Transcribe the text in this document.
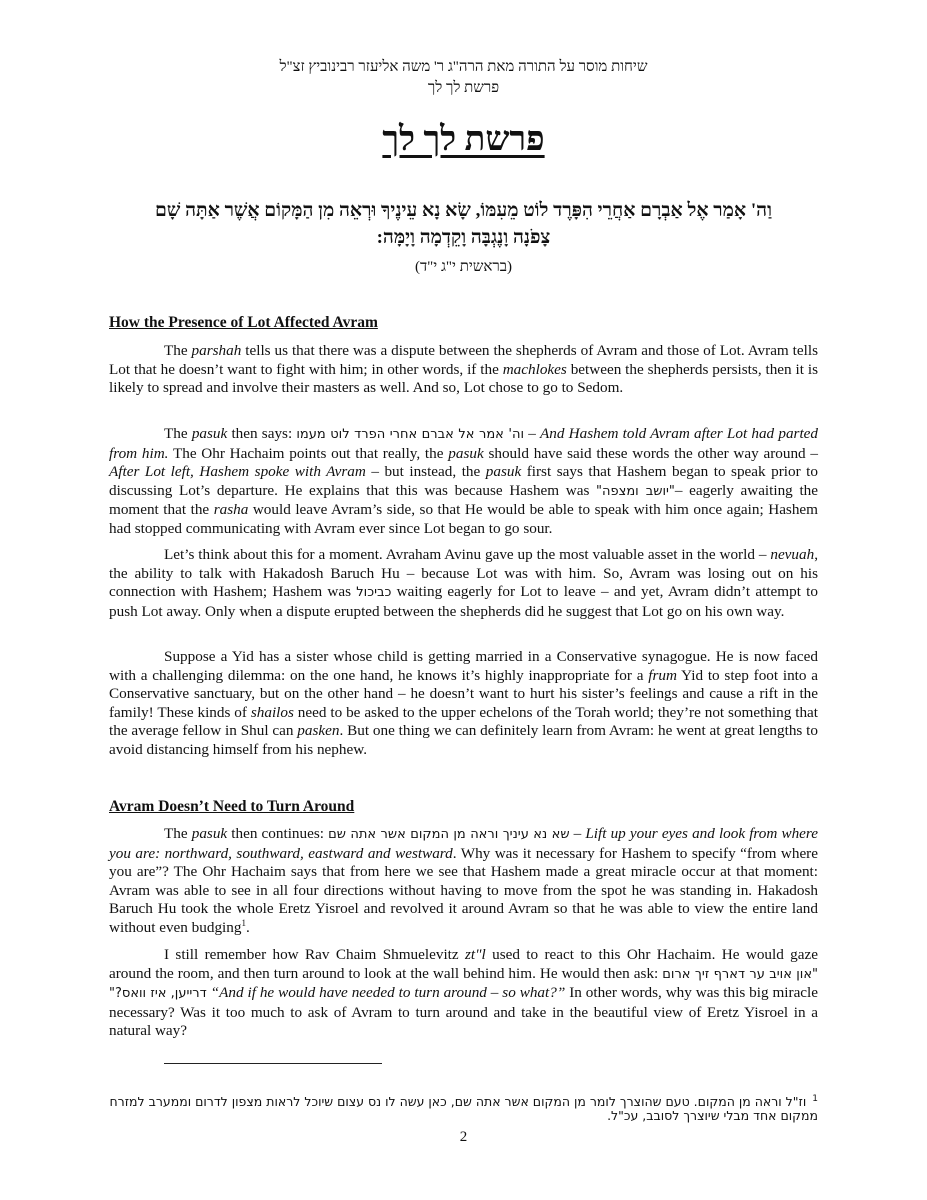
שיחות מוסר על התורה מאת הרה"ג ר' משה אליעזר רבינוביץ זצ"ל
פרשת לך לך
פרשת לך לך
וַה' אָמַר אֶל אַבְרָם אַחֲרֵי הִפָּרֶד לוֹט מֵעִמּוֹ, שָׂא נָא עֵינֶיךָ וּרְאֵה מִן הַמָּקוֹם אֲשֶׁר אַתָּה שָׁם
צָפֹנָה וָנֶגְבָּה וָקֵדְמָה וָיָמָּה:
(בראשית י"ג י"ד)
How the Presence of Lot Affected Avram

The parshah tells us that there was a dispute between the shepherds of Avram and those of Lot. Avram tells Lot that he doesn’t want to fight with him; in other words, if the machlokes between the shepherds persists, then it is likely to spread and involve their masters as well. And so, Lot chose to go to Sedom.

The pasuk then says: וה' אמר אל אברם אחרי הפרד לוט מעמו – And Hashem told Avram after Lot had parted from him. The Ohr Hachaim points out that really, the pasuk should have said these words the other way around – After Lot left, Hashem spoke with Avram – but instead, the pasuk first says that Hashem began to speak prior to discussing Lot’s departure. He explains that this was because Hashem was "יושב ומצפה"– eagerly awaiting the moment that the rasha would leave Avram’s side, so that He would be able to speak with him once again; Hashem had stopped communicating with Avram ever since Lot began to go sour.

Let’s think about this for a moment. Avraham Avinu gave up the most valuable asset in the world – nevuah, the ability to talk with Hakadosh Baruch Hu – because Lot was with him. So, Avram was losing out on his connection with Hashem; Hashem was כביכול waiting eagerly for Lot to leave – and yet, Avram didn’t attempt to push Lot away. Only when a dispute erupted between the shepherds did he suggest that Lot go on his own way.

Suppose a Yid has a sister whose child is getting married in a Conservative synagogue. He is now faced with a challenging dilemma: on the one hand, he knows it’s highly inappropriate for a frum Yid to step foot into a Conservative sanctuary, but on the other hand – he doesn’t want to hurt his sister’s feelings and cause a rift in the family! These kinds of shailos need to be asked to the upper echelons of the Torah world; they’re not something that the average fellow in Shul can pasken. But one thing we can definitely learn from Avram: he went at great lengths to avoid distancing himself from his nephew.

Avram Doesn’t Need to Turn Around

The pasuk then continues: שא נא עיניך וראה מן המקום אשר אתה שם – Lift up your eyes and look from where you are: northward, southward, eastward and westward. Why was it necessary for Hashem to specify “from where you are”? The Ohr Hachaim says that from here we see that Hashem made a great miracle occur at that moment: Avram was able to see in all four directions without having to move from the spot he was standing in. Hakadosh Baruch Hu took the whole Eretz Yisroel and revolved it around Avram so that he was able to view the entire land without even budging$^1$.

I still remember how Rav Chaim Shmuelevitz zt"l used to react to this Ohr Hachaim. He would gaze around the room, and then turn around to look at the wall behind him. He would then ask: "און אויב ער דארף זיך ארום דרייען, איז וואס?" “And if he would have needed to turn around – so what?” In other words, why was this big miracle necessary? Was it too much to ask of Avram to turn around and take in the beautiful view of Eretz Yisroel in a natural way?

$^1$וז"ל וראה מן המקום. טעם שהוצרך לומר מן המקום אשר אתה שם, כאן עשה לו נס עצום שיוכל לראות מצפון לדרום וממערב למזרח
ממקום אחד מבלי שיוצרך לסובב, עכ"ל.
2
